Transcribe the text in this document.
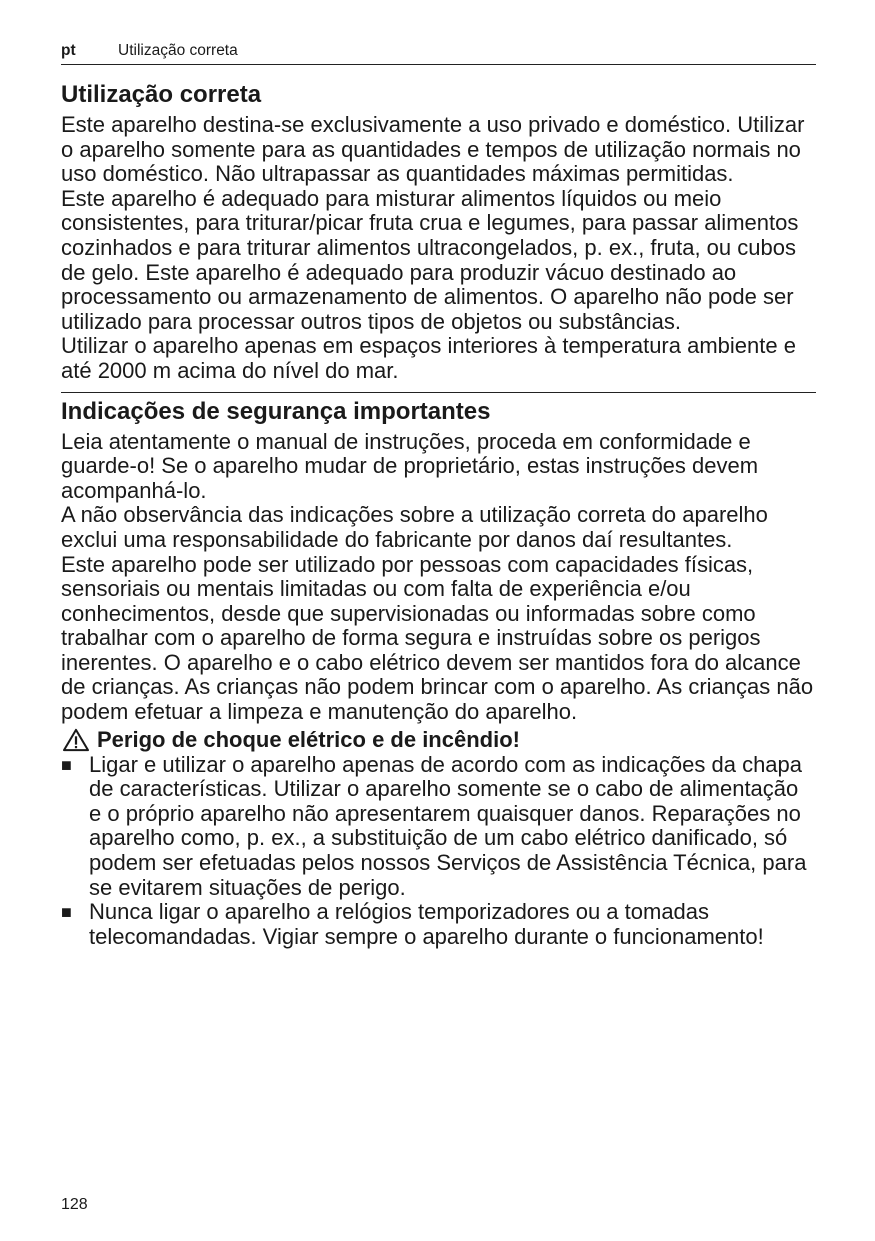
pt	Utilização correta
Utilização correta

Este aparelho destina-se exclusivamente a uso privado e doméstico. Utilizar o aparelho somente para as quantidades e tempos de utilização normais no uso doméstico. Não ultrapassar as quantidades máximas permitidas.

Este aparelho é adequado para misturar alimentos líquidos ou meio consistentes, para triturar/picar fruta crua e legumes, para passar alimentos cozinhados e para triturar alimentos ultracongelados, p. ex., fruta, ou cubos de gelo. Este aparelho é adequado para produzir vácuo destinado ao processamento ou armazenamento de alimentos. O aparelho não pode ser utilizado para processar outros tipos de objetos ou substâncias.

Utilizar o aparelho apenas em espaços interiores à temperatura ambiente e até 2000 m acima do nível do mar.

Indicações de segurança importantes

Leia atentamente o manual de instruções, proceda em conformidade e guarde-o! Se o aparelho mudar de proprietário, estas instruções devem acompanhá-lo.

A não observância das indicações sobre a utilização correta do aparelho exclui uma responsabilidade do fabricante por danos daí resultantes.

Este aparelho pode ser utilizado por pessoas com capacidades físicas, sensoriais ou mentais limitadas ou com falta de experiência e/ou conhecimentos, desde que supervisionadas ou informadas sobre como trabalhar com o aparelho de forma segura e instruídas sobre os perigos inerentes. O aparelho e o cabo elétrico devem ser mantidos fora do alcance de crianças. As crianças não podem brincar com o aparelho. As crianças não podem efetuar a limpeza e manutenção do aparelho.

Perigo de choque elétrico e de incêndio!
■ Ligar e utilizar o aparelho apenas de acordo com as indicações da chapa de características. Utilizar o aparelho somente se o cabo de alimentação e o próprio aparelho não apresentarem quaisquer danos. Reparações no aparelho como, p. ex., a substituição de um cabo elétrico danificado, só podem ser efetuadas pelos nossos Serviços de Assistência Técnica, para se evitarem situações de perigo.
■ Nunca ligar o aparelho a relógios temporizadores ou a tomadas telecomandadas. Vigiar sempre o aparelho durante o funcionamento!
128
